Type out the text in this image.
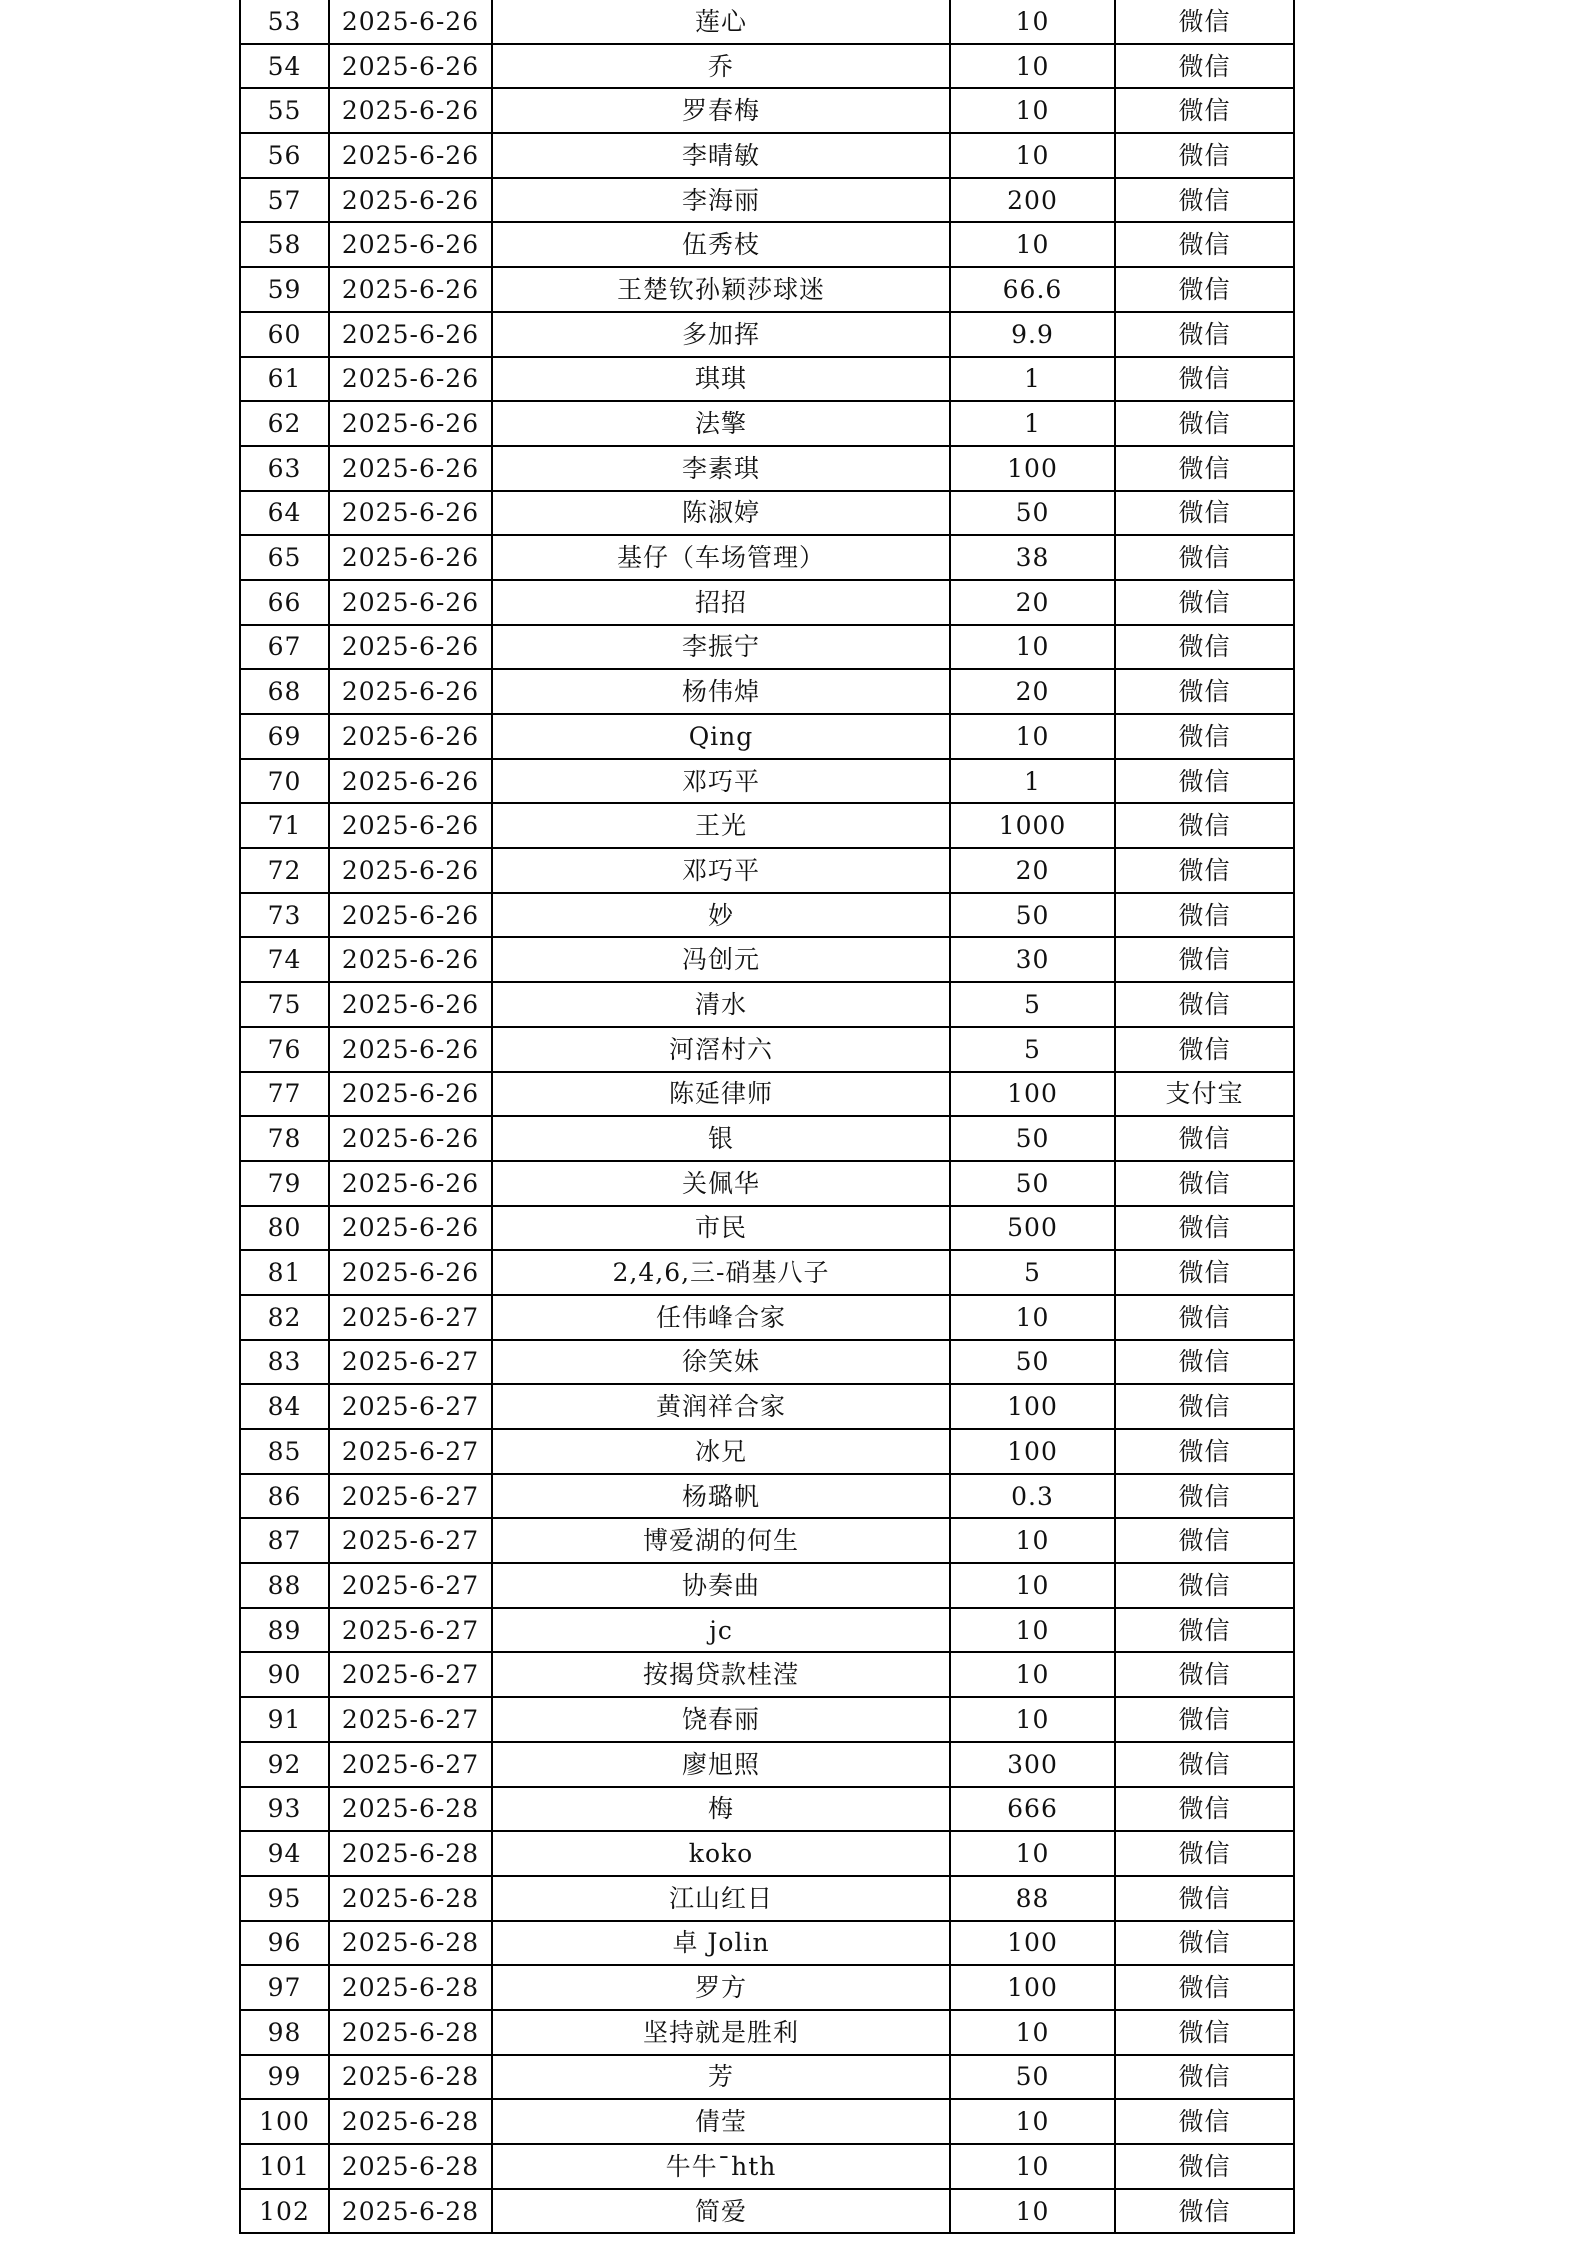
53	2025-6-26	莲心	10	微信
54	2025-6-26	乔	10	微信
55	2025-6-26	罗春梅	10	微信
56	2025-6-26	李晴敏	10	微信
57	2025-6-26	李海丽	200	微信
58	2025-6-26	伍秀枝	10	微信
59	2025-6-26	王楚钦孙颖莎球迷	66.6	微信
60	2025-6-26	多加挥	9.9	微信
61	2025-6-26	琪琪	1	微信
62	2025-6-26	法擎	1	微信
63	2025-6-26	李素琪	100	微信
64	2025-6-26	陈淑婷	50	微信
65	2025-6-26	基仔（车场管理）	38	微信
66	2025-6-26	招招	20	微信
67	2025-6-26	李振宁	10	微信
68	2025-6-26	杨伟焯	20	微信
69	2025-6-26	Qing	10	微信
70	2025-6-26	邓巧平	1	微信
71	2025-6-26	王光	1000	微信
72	2025-6-26	邓巧平	20	微信
73	2025-6-26	妙	50	微信
74	2025-6-26	冯创元	30	微信
75	2025-6-26	清水	5	微信
76	2025-6-26	河滘村六	5	微信
77	2025-6-26	陈延律师	100	支付宝
78	2025-6-26	银	50	微信
79	2025-6-26	关佩华	50	微信
80	2025-6-26	市民	500	微信
81	2025-6-26	2,4,6,三-硝基八子	5	微信
82	2025-6-27	任伟峰合家	10	微信
83	2025-6-27	徐笑妹	50	微信
84	2025-6-27	黄润祥合家	100	微信
85	2025-6-27	冰兄	100	微信
86	2025-6-27	杨璐帆	0.3	微信
87	2025-6-27	博爱湖的何生	10	微信
88	2025-6-27	协奏曲	10	微信
89	2025-6-27	jc	10	微信
90	2025-6-27	按揭贷款桂滢	10	微信
91	2025-6-27	饶春丽	10	微信
92	2025-6-27	廖旭照	300	微信
93	2025-6-28	梅	666	微信
94	2025-6-28	koko	10	微信
95	2025-6-28	江山红日	88	微信
96	2025-6-28	卓 Jolin	100	微信
97	2025-6-28	罗方	100	微信
98	2025-6-28	坚持就是胜利	10	微信
99	2025-6-28	芳	50	微信
100	2025-6-28	倩莹	10	微信
101	2025-6-28	牛牛¯hth	10	微信
102	2025-6-28	简爱	10	微信
